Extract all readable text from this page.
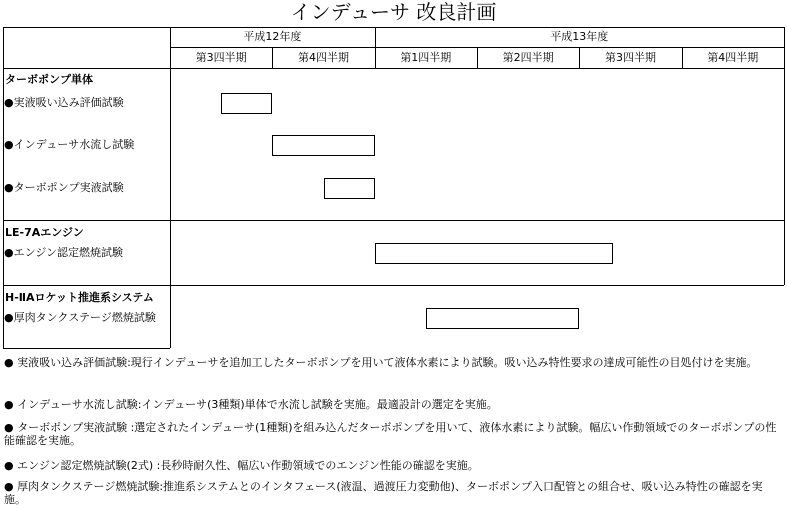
インデューサ 改良計画
平成12年度	平成13年度
第3四半期	第4四半期	第1四半期	第2四半期	第3四半期	第4四半期
ターボポンプ単体
●実液吸い込み評価試験
●インデューサ水流し試験
●ターボポンプ実液試験
LE-7Aエンジン
●エンジン認定燃焼試験
H-ⅡAロケット推進系システム
●厚肉タンクステージ燃焼試験
● 実液吸い込み評価試験:現行インデューサを追加工したターボポンプを用いて液体水素により試験。吸い込み特性要求の達成可能性の目処付けを実施。
● インデューサ水流し試験:インデューサ(3種類)単体で水流し試験を実施。最適設計の選定を実施。
● ターボポンプ実液試験 :選定されたインデューサ(1種類)を組み込んだターボポンプを用いて、液体水素により試験。幅広い作動領域でのターボポンプの性能確認を実施。
● エンジン認定燃焼試験(2式) :長秒時耐久性、幅広い作動領域でのエンジン性能の確認を実施。
● 厚肉タンクステージ燃焼試験:推進系システムとのインタフェース(液温、過渡圧力変動他)、ターボポンプ入口配管との組合せ、吸い込み特性の確認を実施。
